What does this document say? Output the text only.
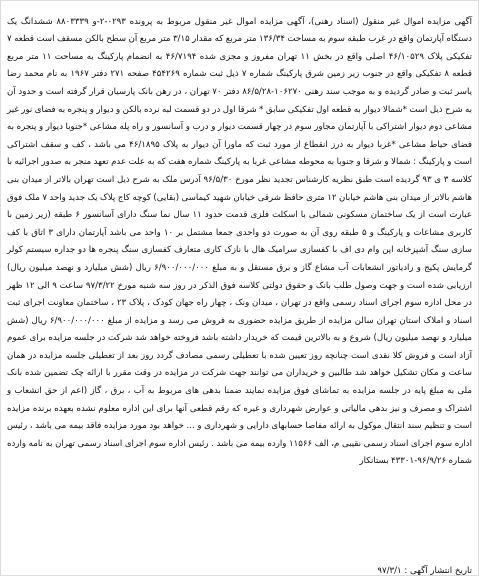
آگهی مزایده اموال غیر منقول (اسناد رهنی)، آگهی مزایده اموال غیر منقول مربوط به پرونده ۰۲۹۳-۲-و ۸۸۰۳۳۳۹ ششدانگ یک دستگاه آپارتمان واقع در غرب طبقه سوم به مساحت ۱۳۶/۳۴ متر مربع که مقدار ۳/۱۵ متر مربع آن سطح بالکن مسقف است قطعه ۷ تفکیکی پلاک ۴۶/۱۰۵۲۹ اصلی واقع در بخش ۱۱ تهران مفروز و مجزی شده ۴۶/۷۱۹۴ به انضمام پارکینگ به مساحت ۱۱ متر مربع قطعه ۸ تفکیکی واقع در جنوب زیر زمین شرق پارکینگ شماره ۷ ذیل ثبت شماره ۴۵۴۲۶۹ صفحه ۲۷۱ دفتر ۱۹۶۷ به نام محمد رضا یاسر ثبت و صادر گردیده و به موجب سند رهنی ۱۰۶۲۷۰-۸۶/۵/۲۸ دفتر ۷۰ تهران ، در رهن بانک پارسیان قرار گرفته است و حدود آن به شرح ذیل است *شمالا دیوار به قطعه اول تفکیکی سابق * شرقا اول در دو قسمت لبه نرده بالکن و دیوار و پنجره به فضای نور غیر مشاعی دوم دیوار اشتراکی با آپارتمان مجاور سوم در چهار قسمت دیوار و درب و آسانسور و راه پله مشاعی *جنوبا دیوار و پنجره به فضای حیاط مشاعی *غربا دیوار به درز انقطاع از مورد ثبت که ماورا آن دیوار به پلاک ۴۶/۱۸۹۵ می باشد ، کف و سقف اشتراکی است و پارکینگ : شمالا و شرقا و جنوبا به محوطه مشاعی غربا به پارکینگ شماره هفت که به علت عدم تعهد منجر به صدور اجرائیه با کلاسه ۳ ی ۹۳ گردیده است طبق نظریه کارشناس تجدید نظر مورخ ۹۶/۵/۳۰ آدرس ملک به شرح ذیل است تهران بالاتر از میدان بنی هاشم بالاتر از میدان بنی هاشم خیابان ۱۲ متری حافظ شرقی خیابان شهید کیماسی (بقایی) کوچه کاج پلاک یک جدید واحد ۷ ملک فوق عبارت است از یک ساختمان مسکونی شمالی با اسکلت فلزی قدمت حدود ۱۱ سال نما سنگ دارای آسانسور ۶ طبقه (زیر زمین با کاربری مشاعات و پارکینگ و ۵ طبقه روی آن به صورت دو واحدی جمعا مشتمل بر ۱۰ واحد می باشد آپارتمان دارای ۳ اتاق با کف سازی سنگ آشپزخانه اپن وام دی اف با کفسازی سرامیک هال با نازک کاری متعارف کفسازی سنگ پنجره ها دو جداره سیستم کولر گرمایش پکیج و رادیاتور انشعابات آب مشاع گاز و برق مستقل و به مبلغ ۶/۹۰۰/۰۰۰/۰۰۰ ریال (شش میلیارد و نهصد میلیون ریال) ارزیابی شده است و جهت وصول طلب بانک و حقوق دولتی کلاسه فوق الذکر در روز سه شنبه مورخ ۹۷/۳/۲۲ ساعت ۹ الی ۱۲ ظهر در محل اداره سوم اجرای اسناد رسمی واقع در تهران ، میدان ونک ، چهار راه جهان کودک ، پلاک ۲۳ ، ساختمان معاونت اجرای ثبت اسناد و املاک استان تهران سالن مزایده از طریق مزایده حضوری به فروش می رسد و مزایده از مبلغ ۶/۹۰۰/۰۰۰/۰۰۰ ریال (شش میلیارد و نهصد میلیون ریال) شروع و به بالاترین قیمت که خریدار داشته باشد فروخته خواهد شد شرکت در جلسه مزایده برای عموم آزاد است و فروش کلا نقدی است چنانچه روز تعیین شده با تعطیلی رسمی مصادف گردد روز بعد از تعطیلی جلسه مزایده در همان ساعت و مکان تشکیل خواهد شد طالبین و خریداران می توانند جهت شرکت در مزایده در وقت مقرر با ارائه چک تضمین شده بانک ملی به مبلغ پایه در جلسه مزایده به تماشای فوق مزایده نمایند ضمنا بدهی های مربوط به آب ، برق ، گاز (اعم از حق انشعاب و اشتراک و مصرف و نیز بدهی مالیاتی و عوارض شهرداری و غیره که رقم قطعی آنها برای این اداره معلوم نشده بعهده برنده مزایده است و تنظیم سند انتقال موکول به ارائه مفاصا حسابهای دارایی و شهرداری و ... خواهد بود مورد مزایده فاقد بیمه می باشد ، رئیس اداره سوم اجرای اسناد رسمی نقیبی م، الف ۱۱۵۶۶ وارده بیمه می باشد . رئیس اداره سوم اجرای اسناد رسمی تهران به نامه وارده شماره ۹۶/۹/۲۶-۴۳۳۰۱ بستانکار

تاریخ انتشار آگهی : ۹۷/۳/۱
